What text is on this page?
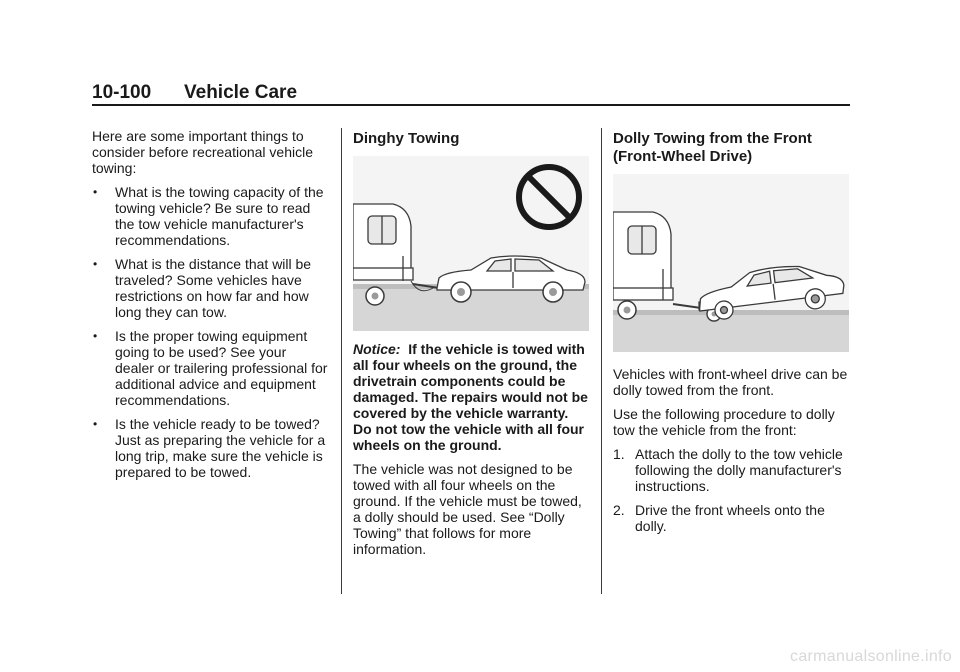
10-100 Vehicle Care

Here are some important things to consider before recreational vehicle towing:

• What is the towing capacity of the towing vehicle? Be sure to read the tow vehicle manufacturer's recommendations.
• What is the distance that will be traveled? Some vehicles have restrictions on how far and how long they can tow.
• Is the proper towing equipment going to be used? See your dealer or trailering professional for additional advice and equipment recommendations.
• Is the vehicle ready to be towed? Just as preparing the vehicle for a long trip, make sure the vehicle is prepared to be towed.
Dinghy Towing

Notice: If the vehicle is towed with all four wheels on the ground, the drivetrain components could be damaged. The repairs would not be covered by the vehicle warranty. Do not tow the vehicle with all four wheels on the ground.

The vehicle was not designed to be towed with all four wheels on the ground. If the vehicle must be towed, a dolly should be used. See “Dolly Towing” that follows for more information.

Dolly Towing from the Front (Front-Wheel Drive)

Vehicles with front-wheel drive can be dolly towed from the front.

Use the following procedure to dolly tow the vehicle from the front:

1. Attach the dolly to the tow vehicle following the dolly manufacturer's instructions.
2. Drive the front wheels onto the dolly.
carmanualsonline.info
